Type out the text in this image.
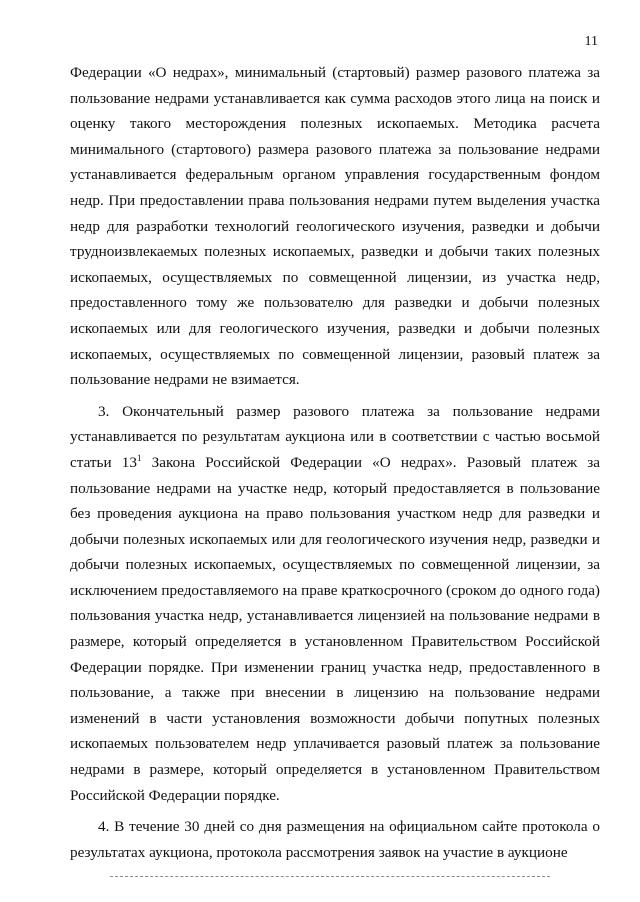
11

Федерации «О недрах», минимальный (стартовый) размер разового платежа за пользование недрами устанавливается как сумма расходов этого лица на поиск и оценку такого месторождения полезных ископаемых. Методика расчета минимального (стартового) размера разового платежа за пользование недрами устанавливается федеральным органом управления государственным фондом недр. При предоставлении права пользования недрами путем выделения участка недр для разработки технологий геологического изучения, разведки и добычи трудноизвлекаемых полезных ископаемых, разведки и добычи таких полезных ископаемых, осуществляемых по совмещенной лицензии, из участка недр, предоставленного тому же пользователю для разведки и добычи полезных ископаемых или для геологического изучения, разведки и добычи полезных ископаемых, осуществляемых по совмещенной лицензии, разовый платеж за пользование недрами не взимается.

3. Окончательный размер разового платежа за пользование недрами устанавливается по результатам аукциона или в соответствии с частью восьмой статьи $13^1$ Закона Российской Федерации «О недрах». Разовый платеж за пользование недрами на участке недр, который предоставляется в пользование без проведения аукциона на право пользования участком недр для разведки и добычи полезных ископаемых или для геологического изучения недр, разведки и добычи полезных ископаемых, осуществляемых по совмещенной лицензии, за исключением предоставляемого на праве краткосрочного (сроком до одного года) пользования участка недр, устанавливается лицензией на пользование недрами в размере, который определяется в установленном Правительством Российской Федерации порядке. При изменении границ участка недр, предоставленного в пользование, а также при внесении в лицензию на пользование недрами изменений в части установления возможности добычи попутных полезных ископаемых пользователем недр уплачивается разовый платеж за пользование недрами в размере, который определяется в установленном Правительством Российской Федерации порядке.

4. В течение 30 дней со дня размещения на официальном сайте протокола о результатах аукциона, протокола рассмотрения заявок на участие в аукционе
